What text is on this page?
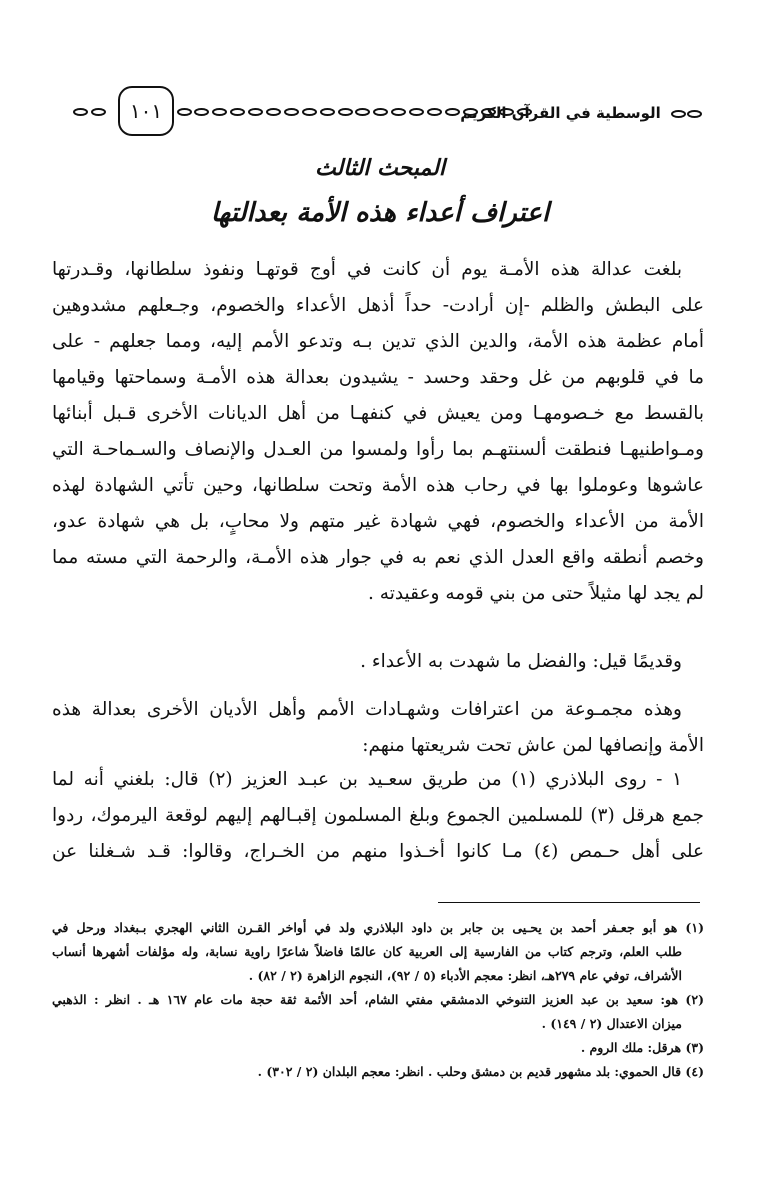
الوسطية في القرآن الكريم
١٠١
المبحث الثالث
اعتراف أعداء هذه الأمة بعدالتها
بلغت عدالة هذه الأمـة يوم أن كانت في أوج قوتهـا ونفوذ سلطانها، وقـدرتها
على البطش والظلم -إن أرادت- حداً أذهل الأعداء والخصوم، وجـعلهم مشدوهين
أمام عظمة هذه الأمة، والدين الذي تدين بـه وتدعو الأمم إليه، ومما جعلهم - على
ما في قلوبهم من غل وحقد وحسد - يشيدون بعدالة هذه الأمـة وسماحتها وقيامها
بالقسط مع خـصومهـا ومن يعيش في كنفهـا من أهل الديانات الأخرى قـبل أبنائها
ومـواطنيهـا فنطقت ألسنتهـم بما رأوا ولمسوا من العـدل والإنصاف والسـماحـة التي
عاشوها وعوملوا بها في رحاب هذه الأمة وتحت سلطانها، وحين تأتي الشهادة لهذه
الأمة من الأعداء والخصوم، فهي شهادة غير متهم ولا محابٍ، بل هي شهادة عدو،
وخصم أنطقه واقع العدل الذي نعم به في جوار هذه الأمـة، والرحمة التي مسته مما
لم يجد لها مثيلاً حتى من بني قومه وعقيدته .
وقديمًا قيل: والفضل ما شهدت به الأعداء .
وهذه مجمـوعة من اعترافات وشهـادات الأمم وأهل الأديان الأخرى بعدالة هذه
الأمة وإنصافها لمن عاش تحت شريعتها منهم:
١ - روى البلاذري (١) من طريق سعـيد بن عبـد العزيز (٢) قال: بلغني أنه لما
جمع هرقل (٣) للمسلمين الجموع وبلغ المسلمون إقبـالهم إليهم لوقعة اليرموك، ردوا
على أهل حـمص (٤) مـا كانوا أخـذوا منهم من الخـراج، وقالوا: قـد شـغلنا عن
(١) هو أبو جعـفر أحمد بن يحـيى بن جابر بن داود البلاذري ولد في أواخر القـرن الثاني الهجري بـبغداد ورحل في
طلب العلم، وترجم كتاب من الفارسية إلى العربية كان عالمًا فاضلاً شاعرًا راوية نسابة، وله مؤلفات أشهرها أنساب
الأشراف، توفي عام ٢٧٩هـ، انظر: معجم الأدباء (٥ / ٩٢)، النجوم الزاهرة (٢ / ٨٢) .
(٢) هو: سعيد بن عبد العزيز التنوخي الدمشقي مفتي الشام، أحد الأئمة ثقة حجة مات عام ١٦٧ هـ . انظر : الذهبي
ميزان الاعتدال (٢ / ١٤٩) .
(٣) هرقل: ملك الروم .
(٤) قال الحموي: بلد مشهور قديم بن دمشق وحلب . انظر: معجم البلدان (٢ / ٣٠٢) .
